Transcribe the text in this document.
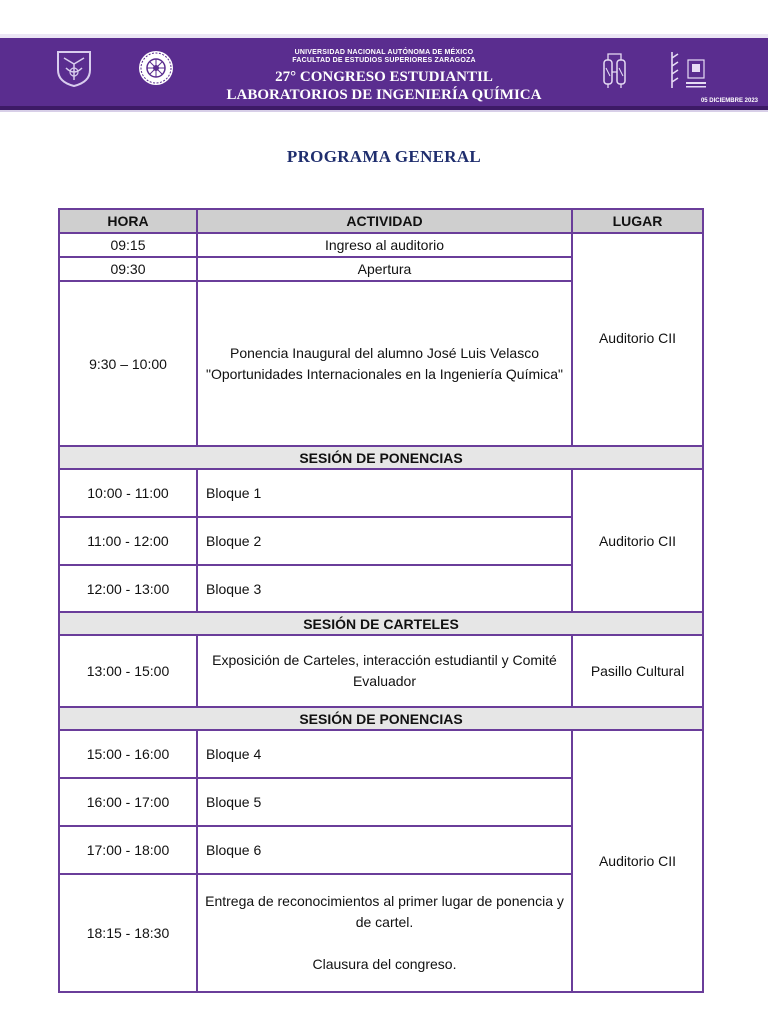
UNIVERSIDAD NACIONAL AUTÓNOMA DE MÉXICO
FACULTAD DE ESTUDIOS SUPERIORES ZARAGOZA
27° CONGRESO ESTUDIANTIL
LABORATORIOS DE INGENIERÍA QUÍMICA	05 DICIEMBRE 2023
PROGRAMA GENERAL
HORA	ACTIVIDAD	LUGAR
09:15	Ingreso al auditorio	Auditorio CII
09:30	Apertura	
9:30 – 10:00	Ponencia Inaugural del alumno José Luis Velasco "Oportunidades Internacionales en la Ingeniería Química"	
SESIÓN DE PONENCIAS		
10:00 - 11:00	Bloque 1	Auditorio CII
11:00 - 12:00	Bloque 2	
12:00 - 13:00	Bloque 3	
SESIÓN DE CARTELES		
13:00 - 15:00	Exposición de Carteles, interacción estudiantil y Comité Evaluador	Pasillo Cultural
SESIÓN DE PONENCIAS		
15:00 - 16:00	Bloque 4	Auditorio CII
16:00 - 17:00	Bloque 5	
17:00 - 18:00	Bloque 6	
18:15 - 18:30	Entrega de reconocimientos al primer lugar de ponencia y de cartel.

Clausura del congreso.	
